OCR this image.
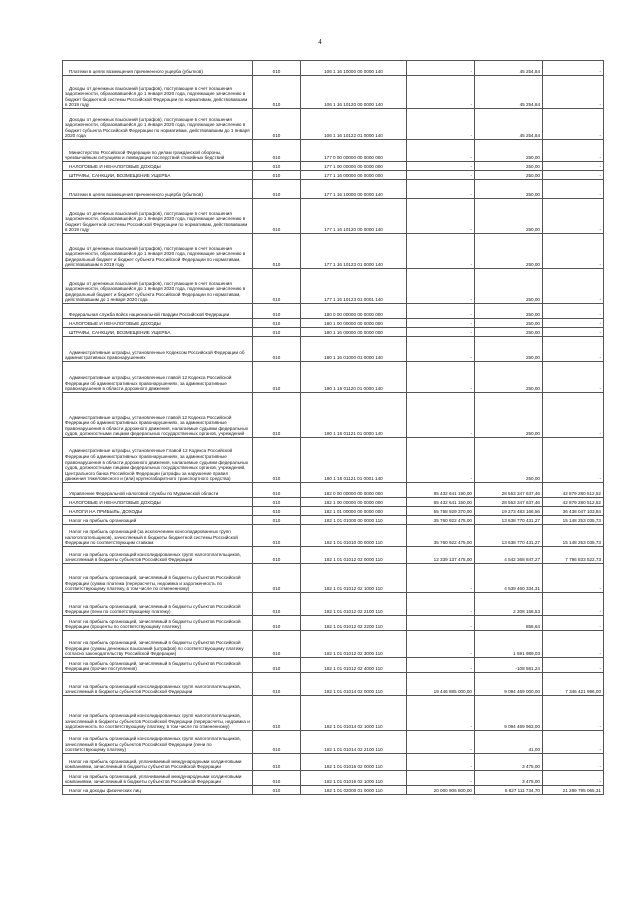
4
Платежи в целях возмещения причиненного ущерба (убытков)	010	106 1 16 10000 00 0000 140	-	45 254,84	-
Доходы от денежных взысканий (штрафов), поступающие в счет погашения задолженности, образовавшейся до 1 января 2020 года, подлежащие зачислению в бюджет бюджетной системы Российской Федерации по нормативам, действовавшим в 2019 году	010	106 1 16 10120 00 0000 140	-	45 254,84	-
Доходы от денежных взысканий (штрафов), поступающие в счет погашения задолженности, образовавшейся до 1 января 2020 года, подлежащие зачислению в бюджет субъекта Российской Федерации по нормативам, действовавшим до 1 января 2020 года	010	106 1 16 10122 01 0000 140	-	45 254,84	-
Министерство Российской Федерации по делам гражданской обороны, чрезвычайным ситуациям и ликвидации последствий стихийных бедствий	010	177 0 00 00000 00 0000 000	-	250,00	-
НАЛОГОВЫЕ И НЕНАЛОГОВЫЕ ДОХОДЫ	010	177 1 00 00000 00 0000 000	-	250,00	-
ШТРАФЫ, САНКЦИИ, ВОЗМЕЩЕНИЕ УЩЕРБА	010	177 1 16 00000 00 0000 000	-	250,00	-
Платежи в целях возмещения причиненного ущерба (убытков)	010	177 1 16 10000 00 0000 140	-	250,00	-
Доходы от денежных взысканий (штрафов), поступающие в счет погашения задолженности, образовавшейся до 1 января 2020 года, подлежащие зачислению в бюджет бюджетной системы Российской Федерации по нормативам, действовавшим в 2019 году	010	177 1 16 10120 00 0000 140	-	250,00	-
Доходы от денежных взысканий (штрафов), поступающие в счет погашения задолженности, образовавшейся до 1 января 2020 года, подлежащие зачислению в федеральный бюджет и бюджет субъекта Российской Федерации по нормативам, действовавшим в 2019 году	010	177 1 16 10123 01 0000 140	-	250,00	-
Доходы от денежных взысканий (штрафов), поступающие в счет погашения задолженности, образовавшейся до 1 января 2020 года, подлежащие зачислению в федеральный бюджет и бюджет субъекта Российской Федерации по нормативам, действовавшим до 1 января 2020 года	010	177 1 16 10123 01 0001 140	-	250,00	-
Федеральная служба войск национальной гвардии Российской Федерации	010	180 0 00 00000 00 0000 000	-	250,00	-
НАЛОГОВЫЕ И НЕНАЛОГОВЫЕ ДОХОДЫ	010	180 1 00 00000 00 0000 000	-	250,00	-
ШТРАФЫ, САНКЦИИ, ВОЗМЕЩЕНИЕ УЩЕРБА	010	180 1 16 00000 00 0000 000	-	250,00	-
Административные штрафы, установленные Кодексом Российской Федерации об административных правонарушениях	010	180 1 16 01000 01 0000 140	-	250,00	-
Административные штрафы, установленные главой 12 Кодекса Российской Федерации об административных правонарушениях, за административные правонарушения в области дорожного движения	010	180 1 16 01120 01 0000 140	-	250,00	-
Административные штрафы, установленные главой 12 Кодекса Российской Федерации об административных правонарушениях, за административные правонарушения в области дорожного движения, налагаемые судьями федеральных судов, должностными лицами федеральных государственных органов, учреждений	010	180 1 16 01121 01 0000 140	-	250,00	-
Административные штрафы, установленные Главой 12 Кодекса Российской Федерации об административных правонарушениях, за административные правонарушения в области дорожного движения, налагаемые судьями федеральных судов, должностными лицами федеральных государственных органов, учреждений, Центрального банка Российской Федерации (штрафы за нарушение правил движения тяжеловесного и (или) крупногабаритного транспортного средства)	010	180 1 16 01121 01 0001 140	-	250,00	-
Управление Федеральной налоговой службы по Мурманской области	010	182 0 00 00000 00 0000 000	85 432 641 190,00	28 553 347 637,46	42 879 280 512,52
НАЛОГОВЫЕ И НЕНАЛОГОВЫЕ ДОХОДЫ	010	182 1 00 00000 00 0000 000	65 432 641 150,00	28 553 347 637,46	42 879 280 512,52
НАЛОГИ НА ПРИБЫЛЬ, ДОХОДЫ	010	182 1 01 00000 00 0000 000	55 758 929 370,00	19 273 483 166,56	36 438 047 103,84
Налог на прибыль организаций	010	182 1 01 01000 00 0000 110	35 760 922 475,00	13 638 770 431,27	15 148 253 035,73
Налог на прибыль организаций (за исключением консолидированных групп налогоплательщиков), зачисляемый в бюджеты бюджетной системы Российской Федерации по соответствующим ставкам	010	182 1 01 01010 00 0000 110	35 760 922 475,00	13 638 770 431,27	15 148 253 035,73
Налог на прибыль организаций консолидированных групп налогоплательщиков, зачисляемый в бюджеты субъектов Российской Федерации	010	182 1 01 01012 02 0000 110	12 339 137 475,00	4 542 368 847,27	7 796 833 522,73
Налог на прибыль организаций, зачисляемый в бюджеты субъектов Российской Федерации (сумма платежа (перерасчеты, недоимка и задолженность по соответствующему платежу, в том числе по отмененному)	010	182 1 01 01012 02 1000 110	-	4 539 460 334,31	-
Налог на прибыль организаций, зачисляемый в бюджеты субъектов Российской Федерации (пени по соответствующему платежу)	010	182 1 01 01012 02 2100 110	-	2 208 156,53	-
Налог на прибыль организаций, зачисляемый в бюджеты субъектов Российской Федерации (проценты по соответствующему платежу)	010	182 1 01 01012 02 2200 110	-	856,64	-
Налог на прибыль организаций, зачисляемый в бюджеты субъектов Российской Федерации (суммы денежных взысканий (штрафов) по соответствующему платежу согласно законодательству Российской Федерации)	010	182 1 01 01012 02 3000 110	-	1 591 989,03	-
Налог на прибыль организаций, зачисляемый в бюджеты субъектов Российской Федерации (прочие поступления)	010	182 1 01 01012 02 4000 110	-	-108 581,24	-
Налог на прибыль организаций консолидированных групп налогоплательщиков, зачисляемый в бюджеты субъектов Российской Федерации	010	182 1 01 01014 02 0000 110	19 446 885 000,00	9 094 469 000,00	7 346 421 996,00
Налог на прибыль организаций консолидированных групп налогоплательщиков, зачисляемый в бюджеты субъектов Российской Федерации (перерасчеты, недоимка и задолженность по соответствующему платежу, в том числе по отмененному)	010	182 1 01 01014 02 1000 110	-	9 094 469 963,00	-
Налог на прибыль организаций консолидированных групп налогоплательщиков, зачисляемый в бюджеты субъектов Российской Федерации (пени по соответствующему платежу)	010	182 1 01 01014 02 2100 110	-	41,00	-
Налог на прибыль организаций, уплачиваемый международными холдинговыми компаниями, зачисляемый в бюджеты субъектов Российской Федерации	010	182 1 01 01016 02 0000 110	-	3 475,00	-
Налог на прибыль организаций, уплачиваемый международными холдинговыми компаниями, зачисляемый в бюджеты субъектов Российской Федерации	010	182 1 01 01016 02 1000 110	-	3 475,00	-
Налог на доходы физических лиц	010	182 1 01 02000 01 0000 110	20 000 906 800,00	5 627 111 734,70	21 289 795 065,31
